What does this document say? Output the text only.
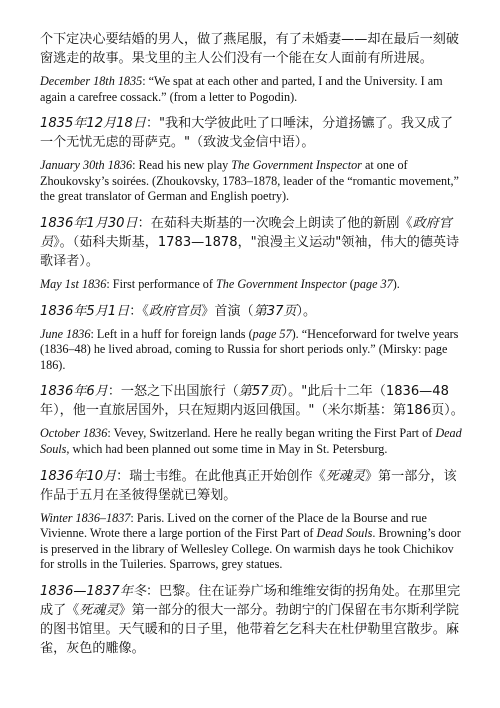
个下定决心要结婚的男人，做了燕尾服，有了未婚妻——却在最后一刻破窗逃走的故事。果戈里的主人公们没有一个能在女人面前有所进展。

December 18th 1835: “We spat at each other and parted, I and the University. I am again a carefree cossack.” (from a letter to Pogodin).

1835年12月18日："我和大学彼此吐了口唾沫，分道扬镳了。我又成了一个无忧无虑的哥萨克。"（致波戈金信中语）。

January 30th 1836: Read his new play The Government Inspector at one of Zhoukovsky’s soirées. (Zhoukovsky, 1783–1878, leader of the “romantic movement,” the great translator of German and English poetry).

1836年1月30日：在茹科夫斯基的一次晚会上朗读了他的新剧《政府官员》。（茹科夫斯基，1783—1878，"浪漫主义运动"领袖，伟大的德英诗歌译者）。

May 1st 1836: First performance of The Government Inspector (page 37).

1836年5月1日：《政府官员》首演（第37页）。

June 1836: Left in a huff for foreign lands (page 57). “Henceforward for twelve years (1836–48) he lived abroad, coming to Russia for short periods only.” (Mirsky: page 186).

1836年6月：一怒之下出国旅行（第57页）。"此后十二年（1836—48年），他一直旅居国外，只在短期内返回俄国。"（米尔斯基：第186页）。

October 1836: Vevey, Switzerland. Here he really began writing the First Part of Dead Souls, which had been planned out some time in May in St. Petersburg.

1836年10月：瑞士韦维。在此他真正开始创作《死魂灵》第一部分，该作品于五月在圣彼得堡就已筹划。

Winter 1836–1837: Paris. Lived on the corner of the Place de la Bourse and rue Vivienne. Wrote there a large portion of the First Part of Dead Souls. Browning’s door is preserved in the library of Wellesley College. On warmish days he took Chichikov for strolls in the Tuileries. Sparrows, grey statues.

1836—1837年冬：巴黎。住在证券广场和维维安街的拐角处。在那里完成了《死魂灵》第一部分的很大一部分。勃朗宁的门保留在韦尔斯利学院的图书馆里。天气暖和的日子里，他带着乞乞科夫在杜伊勒里宫散步。麻雀，灰色的雕像。
